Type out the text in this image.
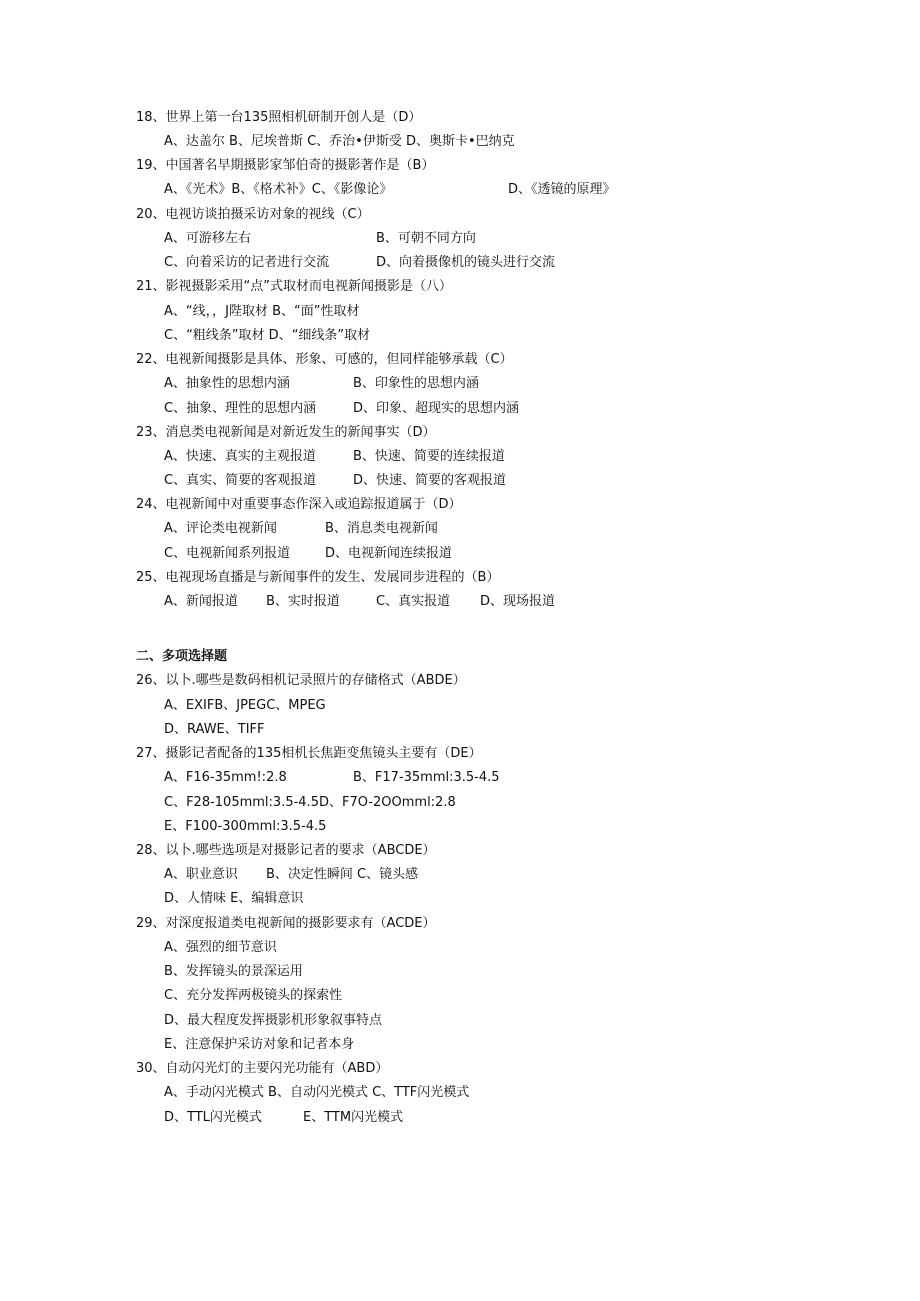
18、世界上第一台135照相机研制开创人是（D）
A、达盖尔 B、尼埃普斯 C、乔治•伊斯受 D、奥斯卡•巴纳克
19、中国著名早期摄影家邹伯奇的摄影著作是（B）
A、《光术》B、《格术补》C、《影像论》	D、《透镜的原理》
20、电视访谈拍摄采访对象的视线（C）
A、可游移左右	B、可朝不同方向
C、向着采访的记者进行交流	D、向着摄像机的镜头进行交流
21、影视摄影采用“点”式取材而电视新闻摄影是（八）
A、“线，，J陛取材 B、“面”性取材
C、“粗线条”取材 D、“细线条”取材
22、电视新闻摄影是具体、形象、可感的，但同样能够承载（C）
A、抽象性的思想内涵	B、印象性的思想内涵
C、抽象、理性的思想内涵	D、印象、超现实的思想内涵
23、消息类电视新闻是对新近发生的新闻事实（D）
A、快速、真实的主观报道	B、快速、简要的连续报道
C、真实、简要的客观报道	D、快速、简要的客观报道
24、电视新闻中对重要事态作深入或追踪报道属于（D）
A、评论类电视新闻	B、消息类电视新闻
C、电视新闻系列报道	D、电视新闻连续报道
25、电视现场直播是与新闻事件的发生、发展同步进程的（B）
A、新闻报道 B、实时报道	C、真实报道 D、现场报道
二、多项选择题
26、以卜.哪些是数码相机记录照片的存储格式（ABDE）
A、EXIFB、JPEGC、MPEG
D、RAWE、TIFF
27、摄影记者配备的135相机长焦距变焦镜头主要有（DE）
A、F16-35mm!:2.8	B、F17-35mml:3.5-4.5
C、F28-105mml:3.5-4.5D、F7O-2OOmml:2.8
E、F100-300mml:3.5-4.5
28、以卜.哪些选项是对摄影记者的要求（ABCDE）
A、职业意识 B、决定性瞬间 C、镜头感
D、人情味 E、编辑意识
29、对深度报道类电视新闻的摄影要求有（ACDE）
A、强烈的细节意识
B、发挥镜头的景深运用
C、充分发挥两极镜头的探索性
D、最大程度发挥摄影机形象叙事特点
E、注意保护采访对象和记者本身
30、自动闪光灯的主要闪光功能有（ABD）
A、手动闪光模式 B、自动闪光模式 C、TTF闪光模式
D、TTL闪光模式	E、TTM闪光模式
